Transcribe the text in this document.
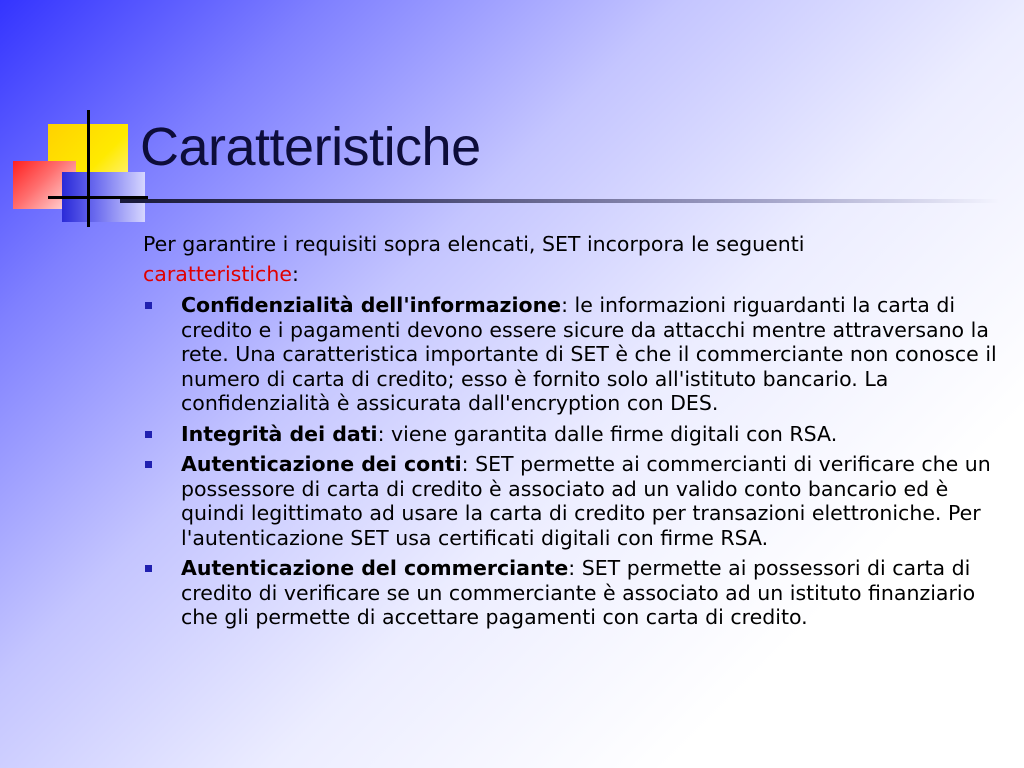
Caratteristiche

Per garantire i requisiti sopra elencati, SET incorpora le seguenti
caratteristiche:

Confidenzialità dell'informazione: le informazioni riguardanti la carta di credito e i pagamenti devono essere sicure da attacchi mentre attraversano la rete. Una caratteristica importante di SET è che il commerciante non conosce il numero di carta di credito; esso è fornito solo all'istituto bancario. La confidenzialità è assicurata dall'encryption con DES.
Integrità dei dati: viene garantita dalle firme digitali con RSA.
Autenticazione dei conti: SET permette ai commercianti di verificare che un possessore di carta di credito è associato ad un valido conto bancario ed è quindi legittimato ad usare la carta di credito per transazioni elettroniche. Per l'autenticazione SET usa certificati digitali con firme RSA.
Autenticazione del commerciante: SET permette ai possessori di carta di credito di verificare se un commerciante è associato ad un istituto finanziario che gli permette di accettare pagamenti con carta di credito.
